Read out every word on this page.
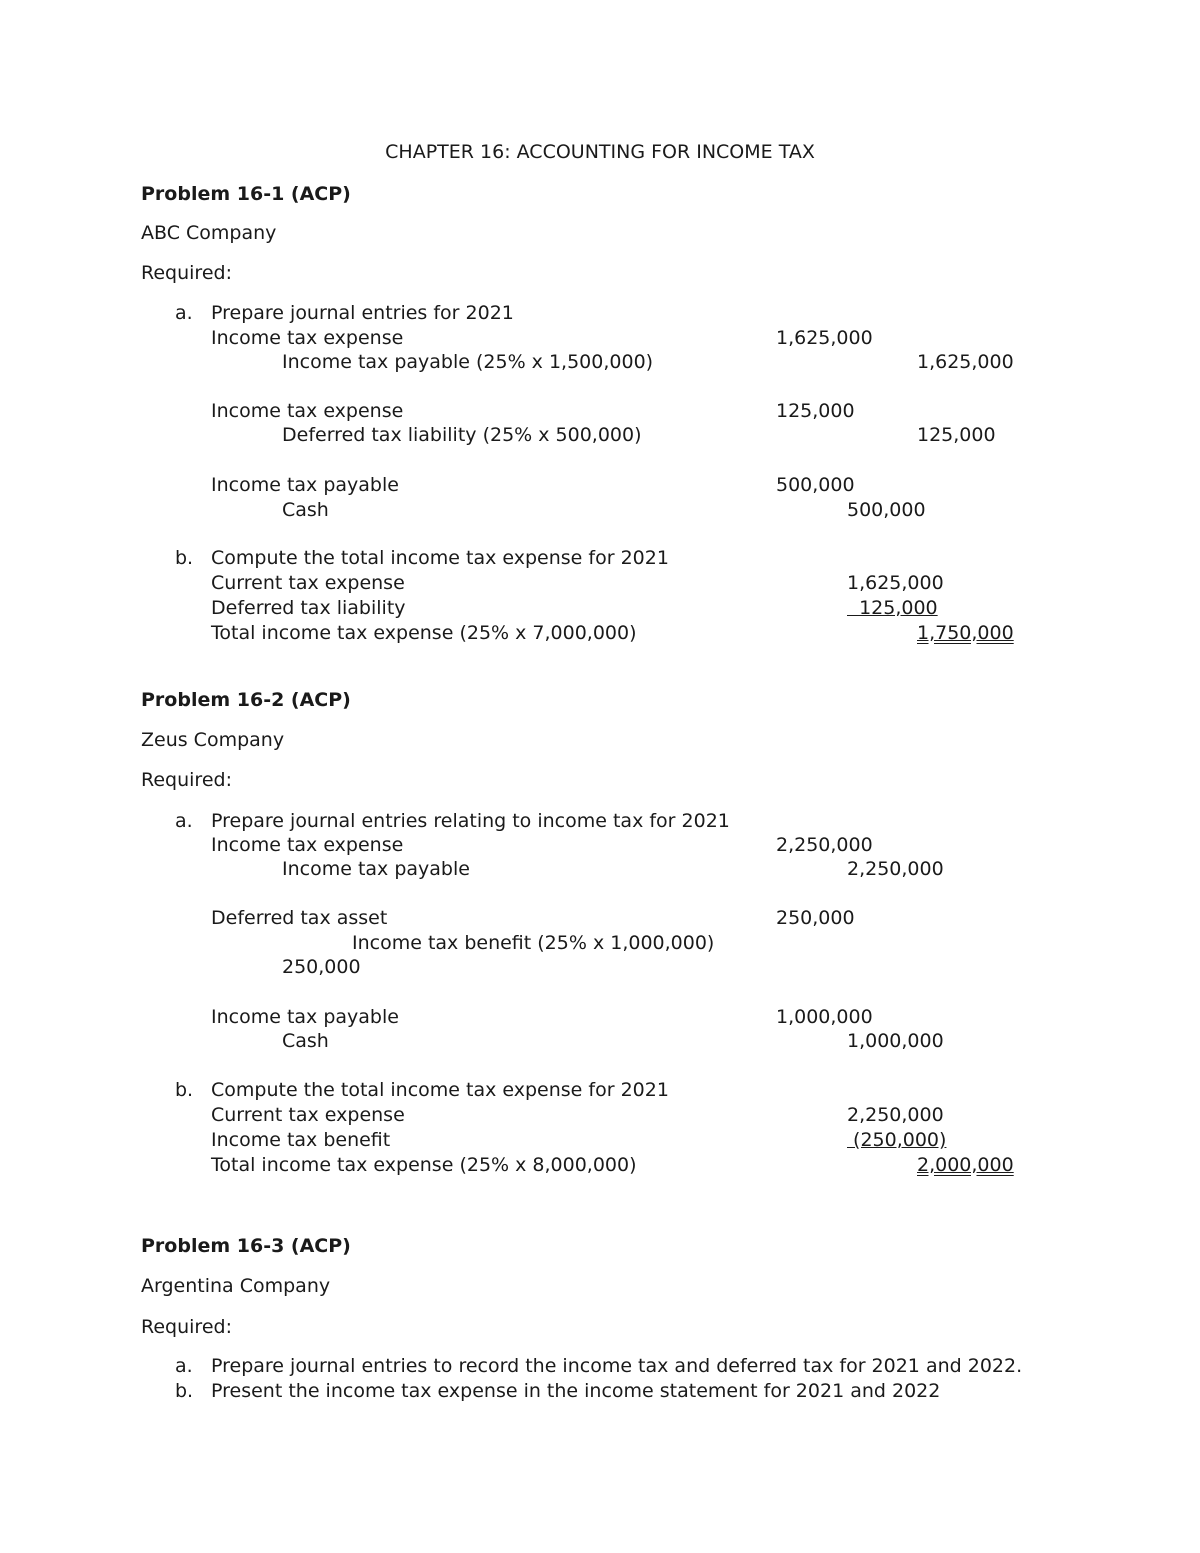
CHAPTER 16: ACCOUNTING FOR INCOME TAX
Problem 16-1 (ACP)
ABC Company
Required:
a. Prepare journal entries for 2021
Income tax expense	1,625,000
Income tax payable (25% x 1,500,000)	1,625,000
Income tax expense	125,000
Deferred tax liability (25% x 500,000)	125,000
Income tax payable	500,000
Cash	500,000
b. Compute the total income tax expense for 2021
Current tax expense	1,625,000
Deferred tax liability	125,000
Total income tax expense (25% x 7,000,000)	1,750,000
Problem 16-2 (ACP)
Zeus Company
Required:
a. Prepare journal entries relating to income tax for 2021
Income tax expense	2,250,000
Income tax payable	2,250,000
Deferred tax asset	250,000
Income tax benefit (25% x 1,000,000)
250,000
Income tax payable	1,000,000
Cash	1,000,000
b. Compute the total income tax expense for 2021
Current tax expense	2,250,000
Income tax benefit	(250,000)
Total income tax expense (25% x 8,000,000)	2,000,000
Problem 16-3 (ACP)
Argentina Company
Required:
a. Prepare journal entries to record the income tax and deferred tax for 2021 and 2022.
b. Present the income tax expense in the income statement for 2021 and 2022
